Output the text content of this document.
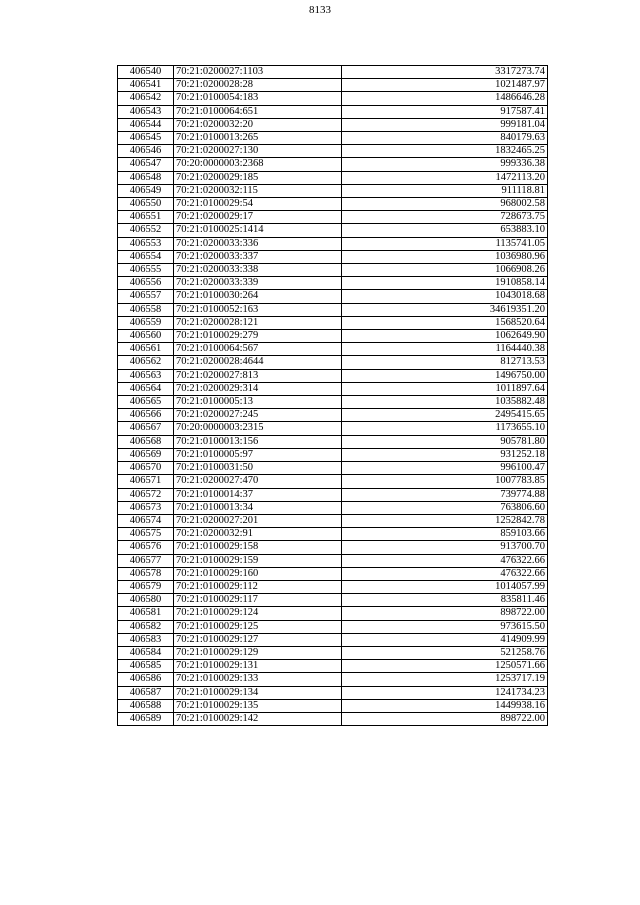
8133
406540	70:21:0200027:1103	3317273.74
406541	70:21:0200028:28	1021487.97
406542	70:21:0100054:183	1486646.28
406543	70:21:0100064:651	917587.41
406544	70:21:0200032:20	999181.04
406545	70:21:0100013:265	840179.63
406546	70:21:0200027:130	1832465.25
406547	70:20:0000003:2368	999336.38
406548	70:21:0200029:185	1472113.20
406549	70:21:0200032:115	911118.81
406550	70:21:0100029:54	968002.58
406551	70:21:0200029:17	728673.75
406552	70:21:0100025:1414	653883.10
406553	70:21:0200033:336	1135741.05
406554	70:21:0200033:337	1036980.96
406555	70:21:0200033:338	1066908.26
406556	70:21:0200033:339	1910858.14
406557	70:21:0100030:264	1043018.68
406558	70:21:0100052:163	34619351.20
406559	70:21:0200028:121	1568520.64
406560	70:21:0100029:279	1062649.90
406561	70:21:0100064:567	1164440.38
406562	70:21:0200028:4644	812713.53
406563	70:21:0200027:813	1496750.00
406564	70:21:0200029:314	1011897.64
406565	70:21:0100005:13	1035882.48
406566	70:21:0200027:245	2495415.65
406567	70:20:0000003:2315	1173655.10
406568	70:21:0100013:156	905781.80
406569	70:21:0100005:97	931252.18
406570	70:21:0100031:50	996100.47
406571	70:21:0200027:470	1007783.85
406572	70:21:0100014:37	739774.88
406573	70:21:0100013:34	763806.60
406574	70:21:0200027:201	1252842.78
406575	70:21:0200032:91	859103.66
406576	70:21:0100029:158	913700.70
406577	70:21:0100029:159	476322.66
406578	70:21:0100029:160	476322.66
406579	70:21:0100029:112	1014057.99
406580	70:21:0100029:117	835811.46
406581	70:21:0100029:124	898722.00
406582	70:21:0100029:125	973615.50
406583	70:21:0100029:127	414909.99
406584	70:21:0100029:129	521258.76
406585	70:21:0100029:131	1250571.66
406586	70:21:0100029:133	1253717.19
406587	70:21:0100029:134	1241734.23
406588	70:21:0100029:135	1449938.16
406589	70:21:0100029:142	898722.00
